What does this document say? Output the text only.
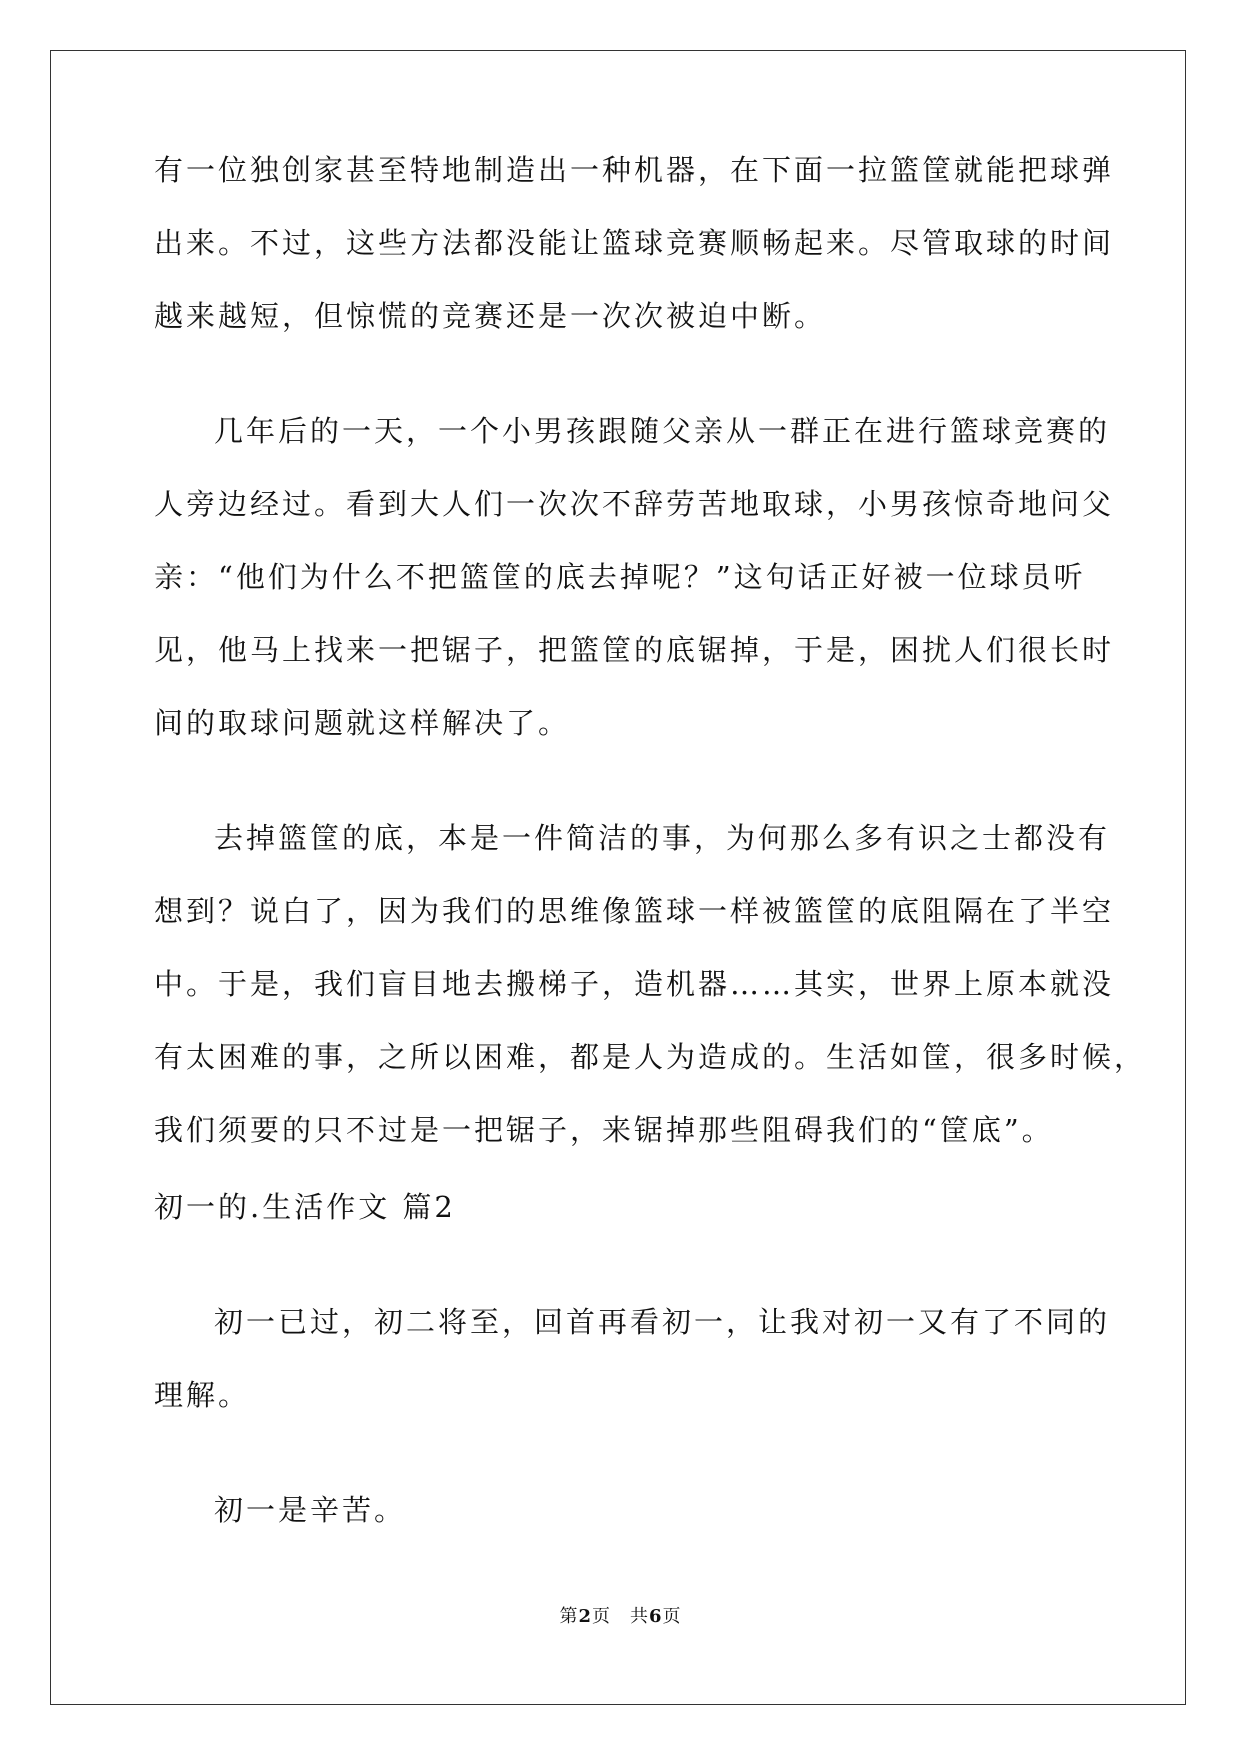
有一位独创家甚至特地制造出一种机器，在下面一拉篮筐就能把球弹
出来。不过，这些方法都没能让篮球竞赛顺畅起来。尽管取球的时间
越来越短，但惊慌的竞赛还是一次次被迫中断。
几年后的一天，一个小男孩跟随父亲从一群正在进行篮球竞赛的
人旁边经过。看到大人们一次次不辞劳苦地取球，小男孩惊奇地问父
亲：“他们为什么不把篮筐的底去掉呢？”这句话正好被一位球员听
见，他马上找来一把锯子，把篮筐的底锯掉，于是，困扰人们很长时
间的取球问题就这样解决了。
去掉篮筐的底，本是一件简洁的事，为何那么多有识之士都没有
想到？说白了，因为我们的思维像篮球一样被篮筐的底阻隔在了半空
中。于是，我们盲目地去搬梯子，造机器……其实，世界上原本就没
有太困难的事，之所以困难，都是人为造成的。生活如筐，很多时候，
我们须要的只不过是一把锯子，来锯掉那些阻碍我们的“筐底”。
初一的.生活作文 篇2
初一已过，初二将至，回首再看初一，让我对初一又有了不同的
理解。
初一是辛苦。
第2页　共6页
